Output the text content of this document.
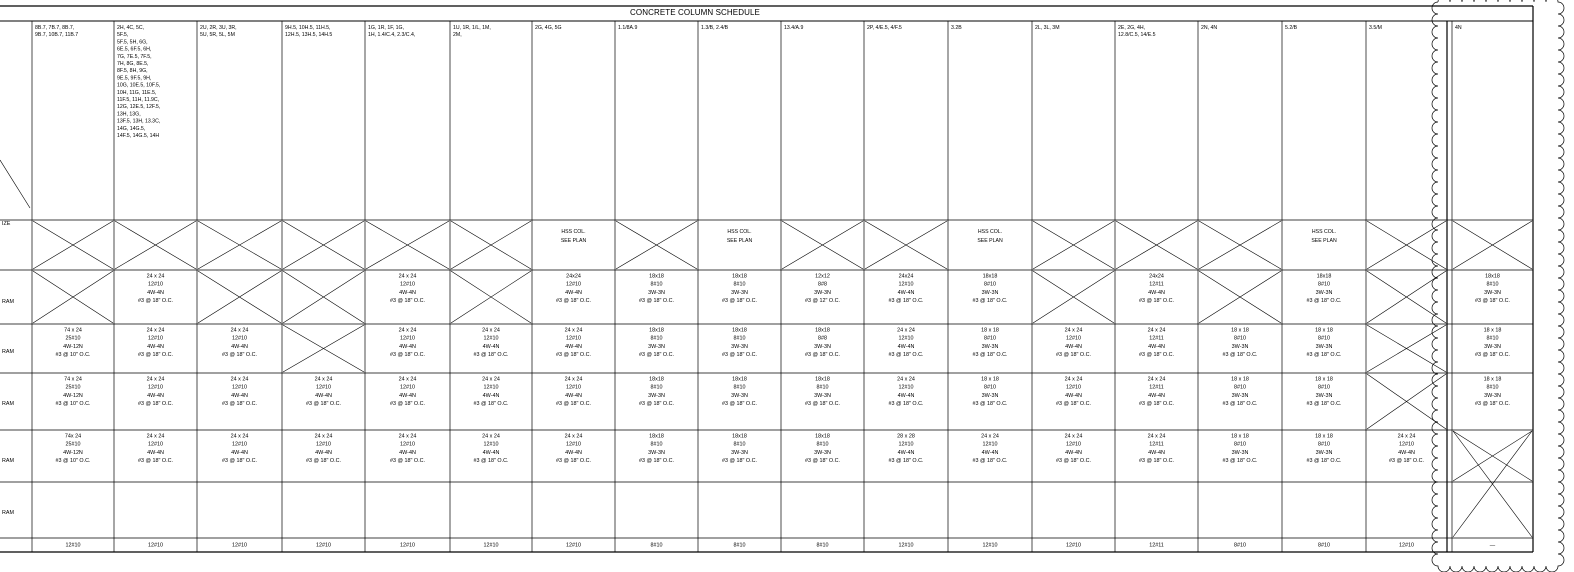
IZE
RAM
RAM
RAM
RAM
RAM
8B.7, 7B.7, 8B.7,
9B.7, 10B.7, 11B.7
74 x 24
25#10
4W-12N
#3 @ 10" O.C.
74 x 24
25#10
4W-12N
#3 @ 10" O.C.
74x 24
25#10
4W-12N
#3 @ 10" O.C.
12#10
2H, 4C, 5C,
5F.5,
5F.5, 5H, 6G,
6E.5, 6F.5, 6H,
7G, 7E.5, 7F.5,
7H, 8G, 8E.5,
8F.5, 8H, 9G,
9E.5, 9F.5, 9H,
10G, 10E.5, 10F.5,
10H, 11G, 11E.5,
11F.5, 11H, 11.9C,
12G, 12E.5, 12F.5,
13H, 13G,
13F.5, 13H, 13.3C,
14G, 14G.5,
14F.5, 14G.5, 14H
24 x 24
12#10
4W-4N
#3 @ 18" O.C.
24 x 24
12#10
4W-4N
#3 @ 18" O.C.
24 x 24
12#10
4W-4N
#3 @ 18" O.C.
24 x 24
12#10
4W-4N
#3 @ 18" O.C.
12#10
2U, 2R, 3U, 3R,
5U, 5R, 5L, 5M
24 x 24
12#10
4W-4N
#3 @ 18" O.C.
24 x 24
12#10
4W-4N
#3 @ 18" O.C.
24 x 24
12#10
4W-4N
#3 @ 18" O.C.
12#10
9H.5, 10H.5, 11H.5,
12H.5, 13H.5, 14H.5
24 x 24
12#10
4W-4N
#3 @ 18" O.C.
24 x 24
12#10
4W-4N
#3 @ 18" O.C.
12#10
1G, 1R, 1F, 1G,
1H, 1.4/C.4, 2.3/C.4,
24 x 24
12#10
4W-4N
#3 @ 18" O.C.
24 x 24
12#10
4W-4N
#3 @ 18" O.C.
24 x 24
12#10
4W-4N
#3 @ 18" O.C.
24 x 24
12#10
4W-4N
#3 @ 18" O.C.
12#10
1U, 1R, 1/L, 1M,
2M,
24 x 24
12#10
4W-4N
#3 @ 18" O.C.
24 x 24
12#10
4W-4N
#3 @ 18" O.C.
24 x 24
12#10
4W-4N
#3 @ 18" O.C.
12#10
2G, 4G, 5G
HSS COL.
SEE PLAN
24x24
12#10
4W-4N
#3 @ 18" O.C.
24 x 24
12#10
4W-4N
#3 @ 18" O.C.
24 x 24
12#10
4W-4N
#3 @ 18" O.C.
24 x 24
12#10
4W-4N
#3 @ 18" O.C.
12#10
1.1/8A.9
18x18
8#10
3W-3N
#3 @ 18" O.C.
18x18
8#10
3W-3N
#3 @ 18" O.C.
18x18
8#10
3W-3N
#3 @ 18" O.C.
18x18
8#10
3W-3N
#3 @ 18" O.C.
8#10
1.3/B, 2.4/B
HSS COL.
SEE PLAN
18x18
8#10
3W-3N
#3 @ 18" O.C.
18x18
8#10
3W-3N
#3 @ 18" O.C.
18x18
8#10
3W-3N
#3 @ 18" O.C.
18x18
8#10
3W-3N
#3 @ 18" O.C.
8#10
13.4/A.9
12x12
8#8
3W-3N
#3 @ 12" O.C.
18x18
8#8
3W-3N
#3 @ 18" O.C.
18x18
8#10
3W-3N
#3 @ 18" O.C.
18x18
8#10
3W-3N
#3 @ 18" O.C.
8#10
2P, 4/E.5, 4/F.5
24x24
12#10
4W-4N
#3 @ 18" O.C.
24 x 24
12#10
4W-4N
#3 @ 18" O.C.
24 x 24
12#10
4W-4N
#3 @ 18" O.C.
28 x 28
12#10
4W-4N
#3 @ 18" O.C.
12#10
3.2B
HSS COL.
SEE PLAN
18x18
8#10
3W-3N
#3 @ 18" O.C.
18 x 18
8#10
3W-3N
#3 @ 18" O.C.
18 x 18
8#10
3W-3N
#3 @ 18" O.C.
24 x 24
12#10
4W-4N
#3 @ 18" O.C.
12#10
2L, 3L, 3M
24 x 24
12#10
4W-4N
#3 @ 18" O.C.
24 x 24
12#10
4W-4N
#3 @ 18" O.C.
24 x 24
12#10
4W-4N
#3 @ 18" O.C.
12#10
2E, 2G, 4H,
12.8/C.5, 14/E.5
24x24
12#11
4W-4N
#3 @ 18" O.C.
24 x 24
12#11
4W-4N
#3 @ 18" O.C.
24 x 24
12#11
4W-4N
#3 @ 18" O.C.
24 x 24
12#11
4W-4N
#3 @ 18" O.C.
12#11
2N, 4N
18 x 18
8#10
3W-3N
#3 @ 18" O.C.
18 x 18
8#10
3W-3N
#3 @ 18" O.C.
18 x 18
8#10
3W-3N
#3 @ 18" O.C.
8#10
5.2/B
HSS COL.
SEE PLAN
18x18
8#10
3W-3N
#3 @ 18" O.C.
18 x 18
8#10
3W-3N
#3 @ 18" O.C.
18 x 18
8#10
3W-3N
#3 @ 18" O.C.
18 x 18
8#10
3W-3N
#3 @ 18" O.C.
8#10
3.5/M
24 x 24
12#10
4W-4N
#3 @ 18" O.C.
12#10
4N
18x18
8#10
3W-3N
#3 @ 18" O.C.
18 x 18
8#10
3W-3N
#3 @ 18" O.C.
18 x 18
8#10
3W-3N
#3 @ 18" O.C.
—
CONCRETE COLUMN SCHEDULE
